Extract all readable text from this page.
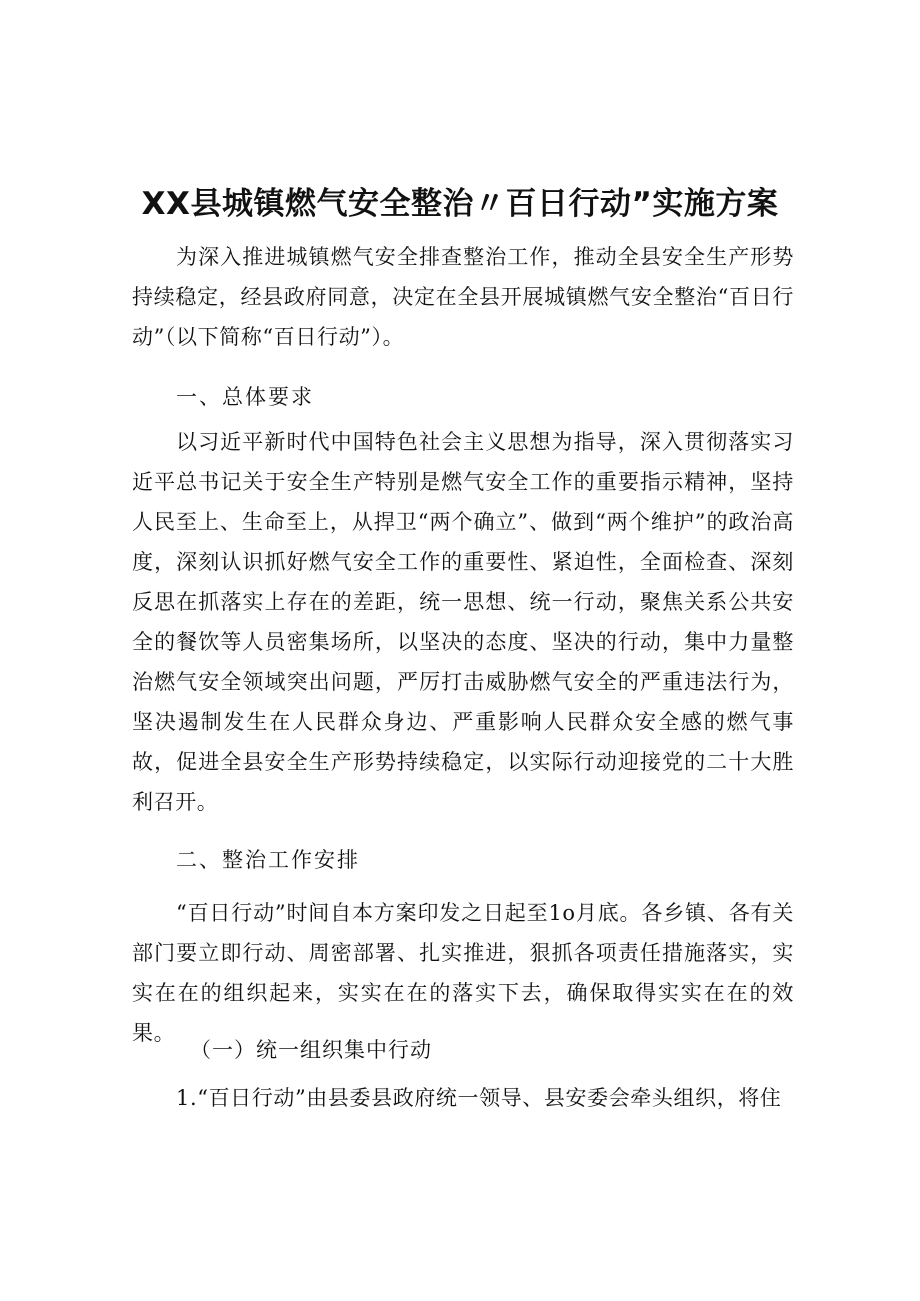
XX县城镇燃气安全整治〃百日行动”实施方案
为深入推进城镇燃气安全排查整治工作，推动全县安全生产形势持续稳定，经县政府同意，决定在全县开展城镇燃气安全整治“百日行动”（以下简称“百日行动”）。
一、总体要求
以习近平新时代中国特色社会主义思想为指导，深入贯彻落实习近平总书记关于安全生产特别是燃气安全工作的重要指示精神，坚持人民至上、生命至上，从捍卫“两个确立”、做到“两个维护”的政治高度，深刻认识抓好燃气安全工作的重要性、紧迫性，全面检查、深刻反思在抓落实上存在的差距，统一思想、统一行动，聚焦关系公共安全的餐饮等人员密集场所，以坚决的态度、坚决的行动，集中力量整治燃气安全领域突出问题，严厉打击威胁燃气安全的严重违法行为，坚决遏制发生在人民群众身边、严重影响人民群众安全感的燃气事故，促进全县安全生产形势持续稳定，以实际行动迎接党的二十大胜利召开。
二、整治工作安排
“百日行动”时间自本方案印发之日起至1o月底。各乡镇、各有关部门要立即行动、周密部署、扎实推进，狠抓各项责任措施落实，实实在在的组织起来，实实在在的落实下去，确保取得实实在在的效果。
（一）统一组织集中行动
1.“百日行动”由县委县政府统一领导、县安委会牵头组织，将住
